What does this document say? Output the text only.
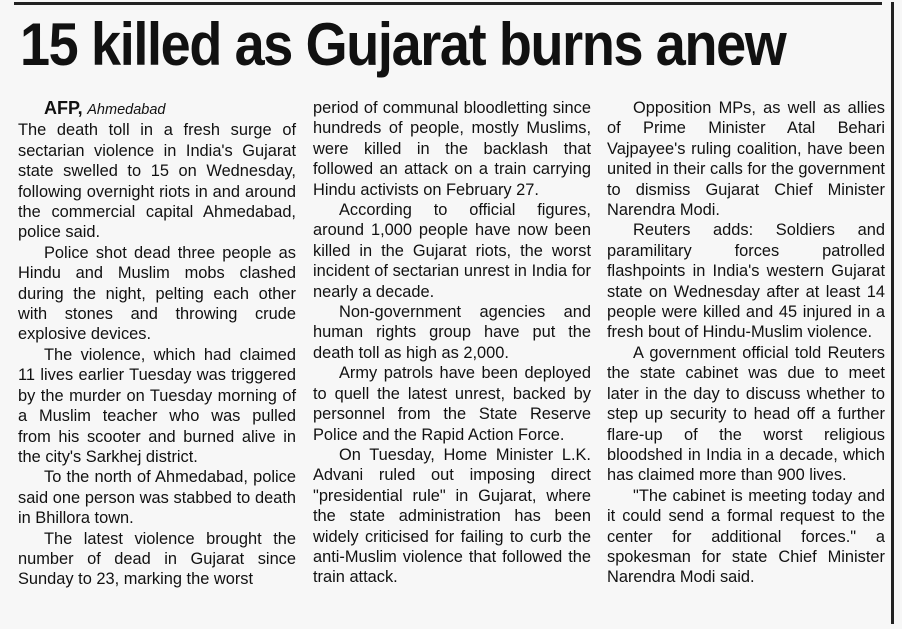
15 killed as Gujarat burns anew

AFP, Ahmedabad

The death toll in a fresh surge of sectarian violence in India's Gujarat state swelled to 15 on Wednesday, following overnight riots in and around the commercial capital Ahmedabad, police said.

Police shot dead three people as Hindu and Muslim mobs clashed during the night, pelting each other with stones and throwing crude explosive devices.

The violence, which had claimed 11 lives earlier Tuesday was triggered by the murder on Tuesday morning of a Muslim teacher who was pulled from his scooter and burned alive in the city's Sarkhej district.

To the north of Ahmedabad, police said one person was stabbed to death in Bhillora town.

The latest violence brought the number of dead in Gujarat since Sunday to 23, marking the worst

period of communal bloodletting since hundreds of people, mostly Muslims, were killed in the backlash that followed an attack on a train carrying Hindu activists on February 27.

According to official figures, around 1,000 people have now been killed in the Gujarat riots, the worst incident of sectarian unrest in India for nearly a decade.

Non-government agencies and human rights group have put the death toll as high as 2,000.

Army patrols have been deployed to quell the latest unrest, backed by personnel from the State Reserve Police and the Rapid Action Force.

On Tuesday, Home Minister L.K. Advani ruled out imposing direct "presidential rule" in Gujarat, where the state administration has been widely criticised for failing to curb the anti-Muslim violence that followed the train attack.

Opposition MPs, as well as allies of Prime Minister Atal Behari Vajpayee's ruling coalition, have been united in their calls for the government to dismiss Gujarat Chief Minister Narendra Modi.

Reuters adds: Soldiers and paramilitary forces patrolled flashpoints in India's western Gujarat state on Wednesday after at least 14 people were killed and 45 injured in a fresh bout of Hindu-Muslim violence.

A government official told Reuters the state cabinet was due to meet later in the day to discuss whether to step up security to head off a further flare-up of the worst religious bloodshed in India in a decade, which has claimed more than 900 lives.

"The cabinet is meeting today and it could send a formal request to the center for additional forces." a spokesman for state Chief Minister Narendra Modi said.
